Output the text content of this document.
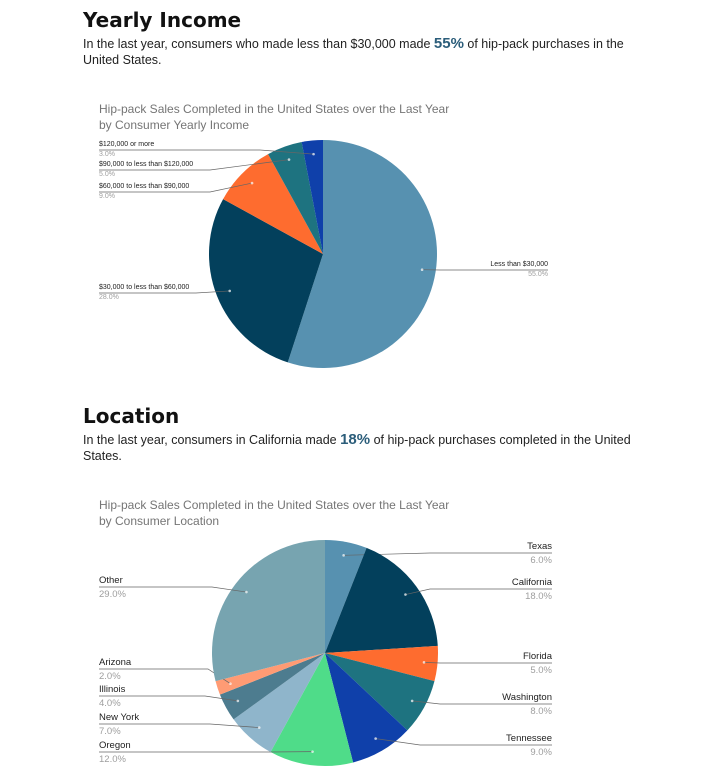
Yearly Income

In the last year, consumers who made less than $30,000 made 55% of hip-pack purchases in the United States.

Hip-pack Sales Completed in the United States over the Last Year
by Consumer Yearly Income
Less than $30,000
55.0%
$30,000 to less than $60,000
28.0%
$60,000 to less than $90,000
9.0%
$90,000 to less than $120,000
5.0%
$120,000 or more
3.0%
Location

In the last year, consumers in California made 18% of hip-pack purchases completed in the United States.

Hip-pack Sales Completed in the United States over the Last Year
by Consumer Location
Texas
6.0%
California
18.0%
Florida
5.0%
Washington
8.0%
Tennessee
9.0%
Oregon
12.0%
New York
7.0%
Illinois
4.0%
Arizona
2.0%
Other
29.0%
